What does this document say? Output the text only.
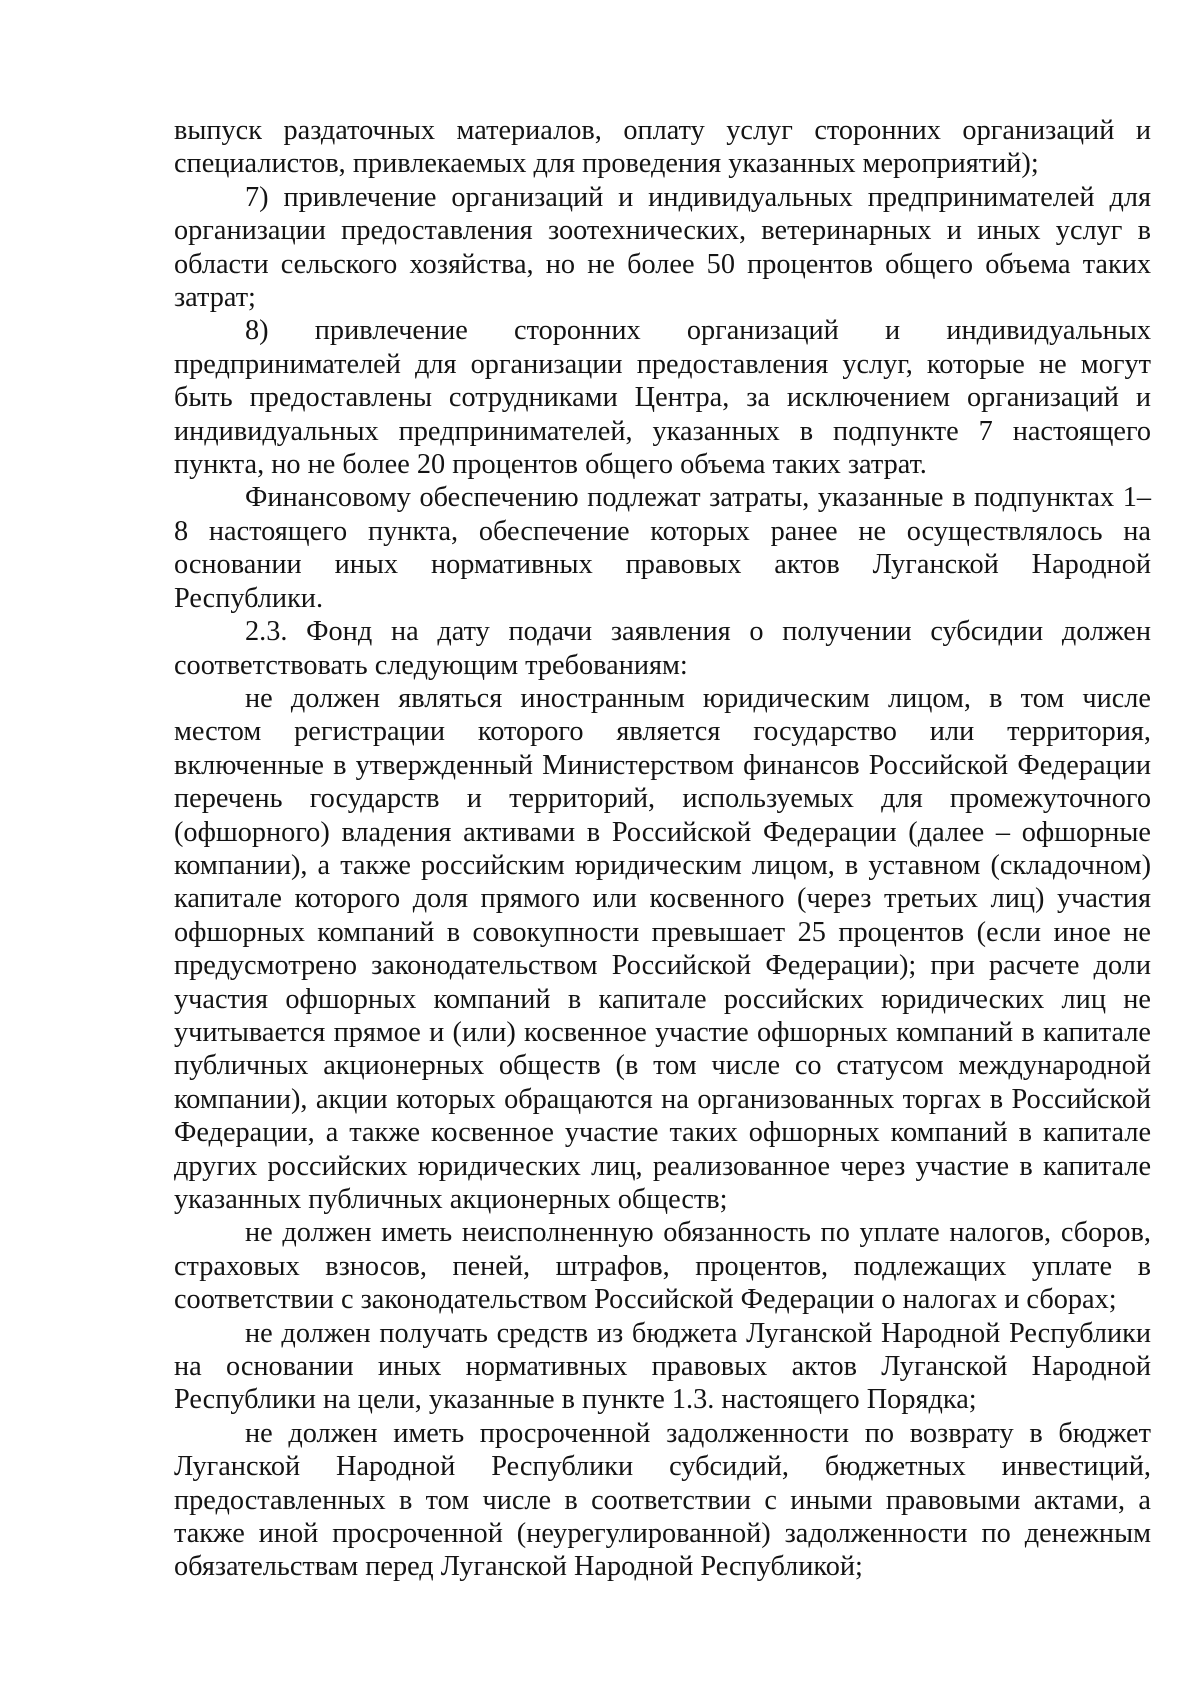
выпуск раздаточных материалов, оплату услуг сторонних организаций и специалистов, привлекаемых для проведения указанных мероприятий);

7) привлечение организаций и индивидуальных предпринимателей для организации предоставления зоотехнических, ветеринарных и иных услуг в области сельского хозяйства, но не более 50 процентов общего объема таких затрат;

8) привлечение сторонних организаций и индивидуальных предпринимателей для организации предоставления услуг, которые не могут быть предоставлены сотрудниками Центра, за исключением организаций и индивидуальных предпринимателей, указанных в подпункте 7 настоящего пункта, но не более 20 процентов общего объема таких затрат.

Финансовому обеспечению подлежат затраты, указанные в подпунктах 1–8 настоящего пункта, обеспечение которых ранее не осуществлялось на основании иных нормативных правовых актов Луганской Народной Республики.

2.3. Фонд на дату подачи заявления о получении субсидии должен соответствовать следующим требованиям:

не должен являться иностранным юридическим лицом, в том числе местом регистрации которого является государство или территория, включенные в утвержденный Министерством финансов Российской Федерации перечень государств и территорий, используемых для промежуточного (офшорного) владения активами в Российской Федерации (далее – офшорные компании), а также российским юридическим лицом, в уставном (складочном) капитале которого доля прямого или косвенного (через третьих лиц) участия офшорных компаний в совокупности превышает 25 процентов (если иное не предусмотрено законодательством Российской Федерации); при расчете доли участия офшорных компаний в капитале российских юридических лиц не учитывается прямое и (или) косвенное участие офшорных компаний в капитале публичных акционерных обществ (в том числе со статусом международной компании), акции которых обращаются на организованных торгах в Российской Федерации, а также косвенное участие таких офшорных компаний в капитале других российских юридических лиц, реализованное через участие в капитале указанных публичных акционерных обществ;

не должен иметь неисполненную обязанность по уплате налогов, сборов, страховых взносов, пеней, штрафов, процентов, подлежащих уплате в соответствии с законодательством Российской Федерации о налогах и сборах;

не должен получать средств из бюджета Луганской Народной Республики на основании иных нормативных правовых актов Луганской Народной Республики на цели, указанные в пункте 1.3. настоящего Порядка;

не должен иметь просроченной задолженности по возврату в бюджет Луганской Народной Республики субсидий, бюджетных инвестиций, предоставленных в том числе в соответствии с иными правовыми актами, а также иной просроченной (неурегулированной) задолженности по денежным обязательствам перед Луганской Народной Республикой;
